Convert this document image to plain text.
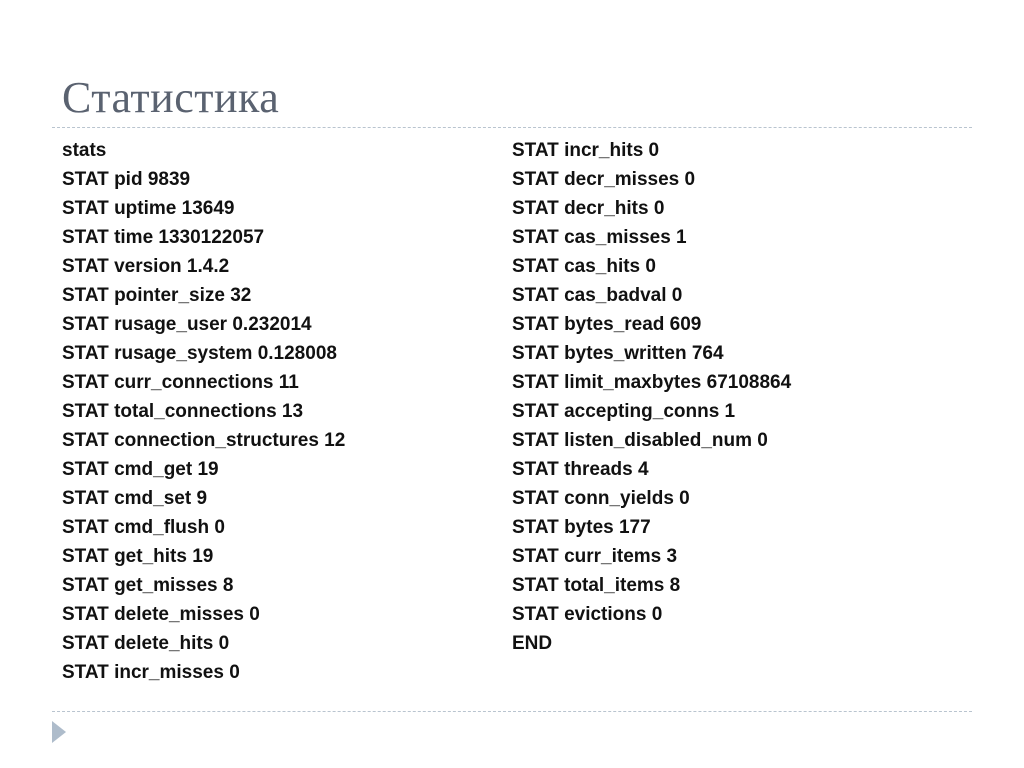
Статистика
stats
STAT pid 9839
STAT uptime 13649
STAT time 1330122057
STAT version 1.4.2
STAT pointer_size 32
STAT rusage_user 0.232014
STAT rusage_system 0.128008
STAT curr_connections 11
STAT total_connections 13
STAT connection_structures 12
STAT cmd_get 19
STAT cmd_set 9
STAT cmd_flush 0
STAT get_hits 19
STAT get_misses 8
STAT delete_misses 0
STAT delete_hits 0
STAT incr_misses 0
STAT incr_hits 0
STAT decr_misses 0
STAT decr_hits 0
STAT cas_misses 1
STAT cas_hits 0
STAT cas_badval 0
STAT bytes_read 609
STAT bytes_written 764
STAT limit_maxbytes 67108864
STAT accepting_conns 1
STAT listen_disabled_num 0
STAT threads 4
STAT conn_yields 0
STAT bytes 177
STAT curr_items 3
STAT total_items 8
STAT evictions 0
END
